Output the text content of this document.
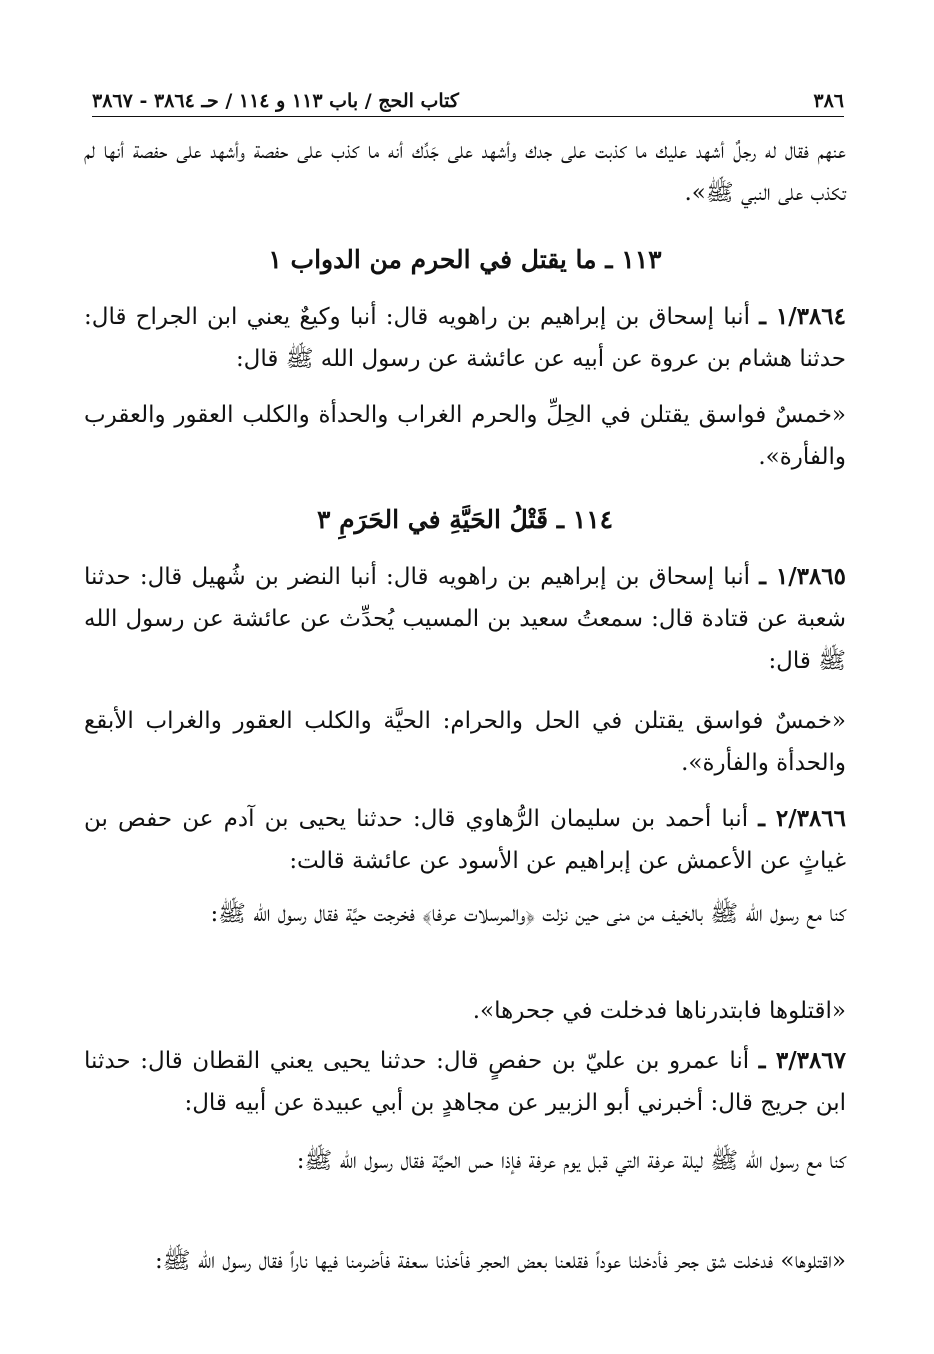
٣٨٦
كتاب الحج / باب ١١٣ و ١١٤ / حـ ٣٨٦٤ - ٣٨٦٧
عنهم فقال له رجلٌ أشهد عليك ما كذبت على جدك وأشهد على جَدِّك أنه ما كذب على حفصة وأشهد على حفصة أنها لم تكذب على النبي ﷺ».
١١٣ ـ ما يقتل في الحرم من الدواب ١
١/٣٨٦٤ ـ أنبا إسحاق بن إبراهيم بن راهويه قال: أنبا وكيعٌ يعني ابن الجراح قال: حدثنا هشام بن عروة عن أبيه عن عائشة عن رسول الله ﷺ قال:
«خمسٌ فواسق يقتلن في الحِلِّ والحرم الغراب والحدأة والكلب العقور والعقرب والفأرة».
١١٤ ـ قَتْلُ الحَيَّةِ في الحَرَمِ ٣
١/٣٨٦٥ ـ أنبا إسحاق بن إبراهيم بن راهويه قال: أنبا النضر بن شُهيل قال: حدثنا شعبة عن قتادة قال: سمعتُ سعيد بن المسيب يُحدِّث عن عائشة عن رسول الله ﷺ قال:
«خمسٌ فواسق يقتلن في الحل والحرام: الحيَّة والكلب العقور والغراب الأبقع والحدأة والفأرة».
٢/٣٨٦٦ ـ أنبا أحمد بن سليمان الرُّهاوي قال: حدثنا يحيى بن آدم عن حفص بن غياثٍ عن الأعمش عن إبراهيم عن الأسود عن عائشة قالت:
كنا مع رسول الله ﷺ بالخيف من منى حين نزلت ﴿والمرسلات عرفا﴾ فخرجت حيَّة فقال رسول الله ﷺ:
«اقتلوها فابتدرناها فدخلت في جحرها».
٣/٣٨٦٧ ـ أنا عمرو بن عليّ بن حفصٍ قال: حدثنا يحيى يعني القطان قال: حدثنا ابن جريج قال: أخبرني أبو الزبير عن مجاهدٍ بن أبي عبيدة عن أبيه قال:
كنا مع رسول الله ﷺ ليلة عرفة التي قبل يوم عرفة فإذا حس الحيَّة فقال رسول الله ﷺ:
«اقتلوها» فدخلت شق جحر فأدخلنا عوداً فقلعنا بعض الحجر فأخذنا سعفة فأضرمنا فيها ناراً فقال رسول الله ﷺ:
